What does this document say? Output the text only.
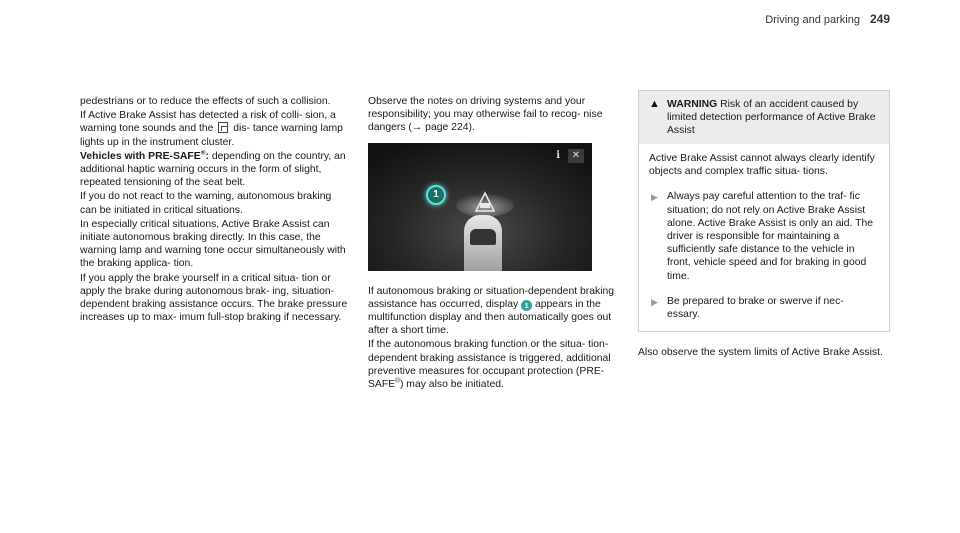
Driving and parking 249

pedestrians or to reduce the effects of such a collision.

If Active Brake Assist has detected a risk of colli- sion, a warning tone sounds and the dis- tance warning lamp lights up in the instrument cluster.

Vehicles with PRE-SAFE®: depending on the country, an additional haptic warning occurs in the form of slight, repeated tensioning of the seat belt.

If you do not react to the warning, autonomous braking can be initiated in critical situations.

In especially critical situations, Active Brake Assist can initiate autonomous braking directly. In this case, the warning lamp and warning tone occur simultaneously with the braking applica- tion.

If you apply the brake yourself in a critical situa- tion or apply the brake during autonomous brak- ing, situation-dependent braking assistance occurs. The brake pressure increases up to max- imum full-stop braking if necessary.

Observe the notes on driving systems and your responsibility; you may otherwise fail to recog- nise dangers (→ page 224).

i	✕
1

If autonomous braking or situation-dependent braking assistance has occurred, display 1 appears in the multifunction display and then automatically goes out after a short time.

If the autonomous braking function or the situa- tion-dependent braking assistance is triggered, additional preventive measures for occupant protection (PRE-SAFE®) may also be initiated.

▲ WARNING Risk of an accident caused by limited detection performance of Active Brake Assist

Active Brake Assist cannot always clearly identify objects and complex traffic situa- tions.

▶ Always pay careful attention to the traf- fic situation; do not rely on Active Brake Assist alone. Active Brake Assist is only an aid. The driver is responsible for maintaining a sufficiently safe distance to the vehicle in front, vehicle speed and for braking in good time.
▶ Be prepared to brake or swerve if nec- essary.

Also observe the system limits of Active Brake Assist.
